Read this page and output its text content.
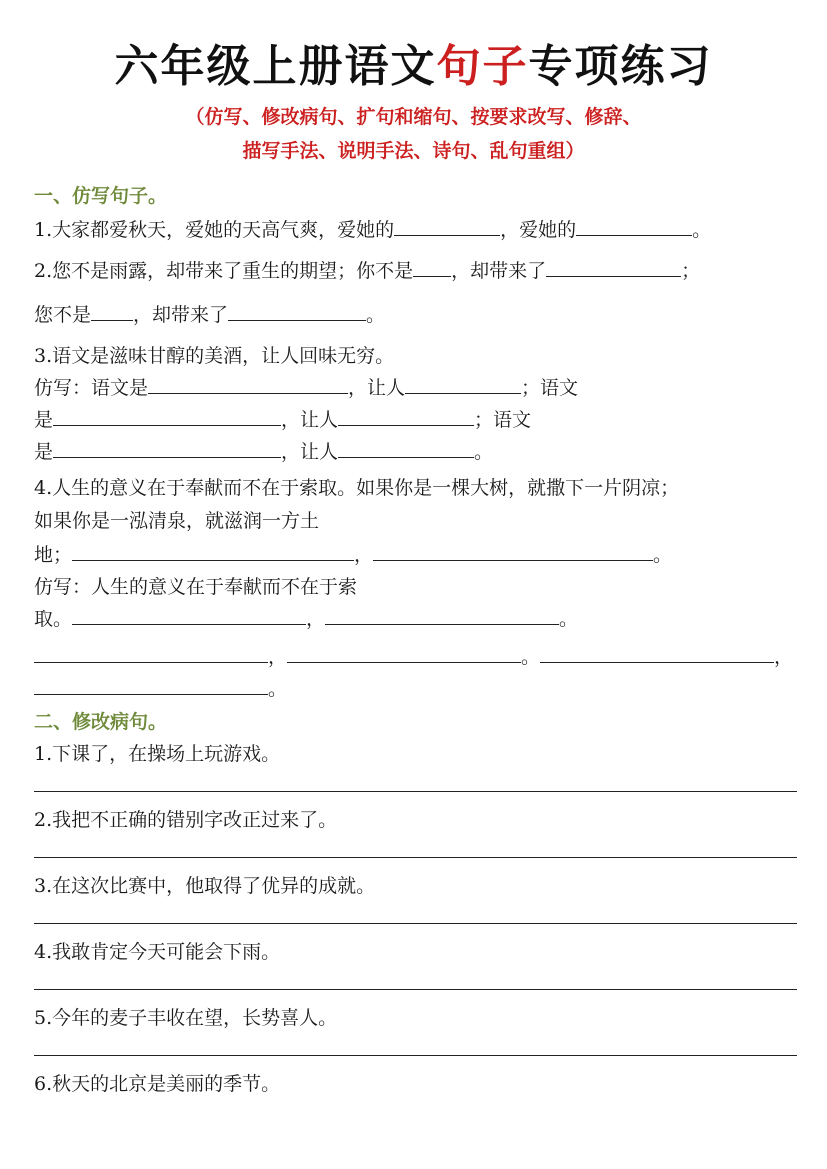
六年级上册语文句子专项练习
（仿写、修改病句、扩句和缩句、按要求改写、修辞、
描写手法、说明手法、诗句、乱句重组）
一、仿写句子。
1.大家都爱秋天，爱她的天高气爽，爱她的	，爱她的	。
2.您不是雨露，却带来了重生的期望；你不是 ，却带来了	；
您不是 ，却带来了	。
3.语文是滋味甘醇的美酒，让人回味无穷。
仿写：语文是	，让人	；语文
是	，让人	；语文
是	，让人	。
4.人生的意义在于奉献而不在于索取。如果你是一棵大树，就撒下一片阴凉；
如果你是一泓清泉，就滋润一方土
地；	，	。
仿写：人生的意义在于奉献而不在于索
取。	，	。
，	。	，
。
二、修改病句。
1.下课了，在操场上玩游戏。
2.我把不正确的错别字改正过来了。
3.在这次比赛中，他取得了优异的成就。
4.我敢肯定今天可能会下雨。
5.今年的麦子丰收在望，长势喜人。
6.秋天的北京是美丽的季节。
